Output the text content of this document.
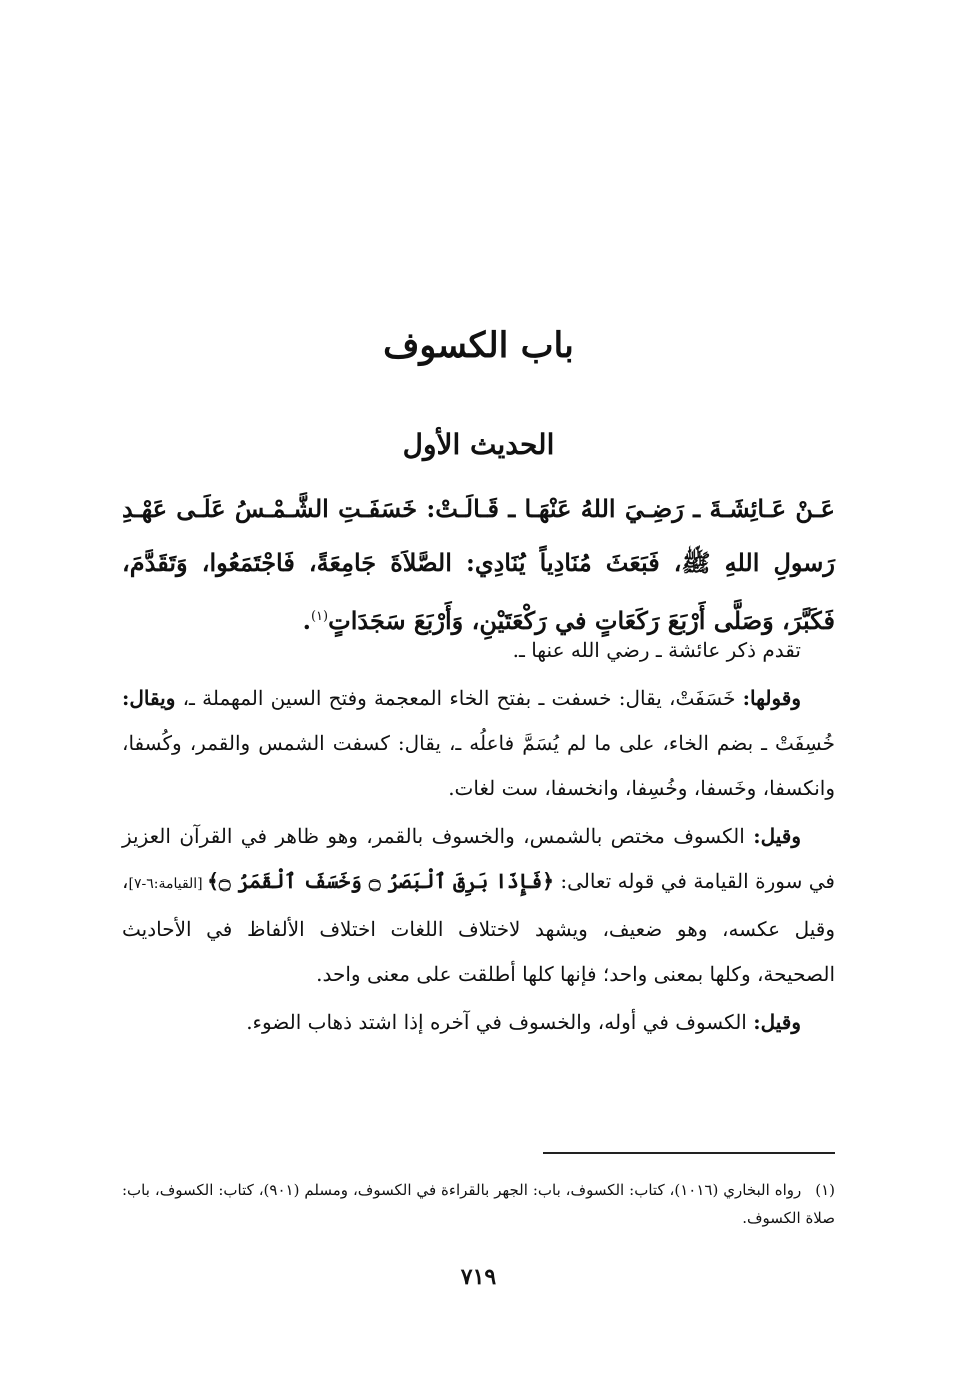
باب الكسوف
الحديث الأول
عَـنْ عَـائِشَـةَ ـ رَضِـيَ اللهُ عَنْهَـا ـ قَـالَـتْ: خَسَفَـتِ الشَّـمْـسُ عَلَـى عَهْـدِ رَسولِ اللهِ ﷺ، فَبَعَثَ مُنَادِياً يُنَادِي: الصَّلاَةَ جَامِعَةً، فَاجْتَمَعُوا، وَتَقَدَّمَ، فَكَبَّرَ، وَصَلَّى أَرْبَعَ رَكَعَاتٍ في رَكْعَتَيْنِ، وَأَرْبَعَ سَجَدَاتٍ$^{(١)}$.

تقدم ذكر عائشة ـ رضي الله عنها ـ.

وقولها: خَسَفَتْ، يقال: خسفت ـ بفتح الخاء المعجمة وفتح السين المهملة ـ، ويقال: خُسِفَتْ ـ بضم الخاء، على ما لم يُسَمَّ فاعلُه ـ، يقال: كسفت الشمس والقمر، وكُسفا، وانكسفا، وخَسفا، وخُسِفا، وانخسفا، ست لغات.

وقيل: الكسوف مختص بالشمس، والخسوف بالقمر، وهو ظاهر في القرآن العزيز في سورة القيامة في قوله تعالى: ﴿فَإِذَا بَرِقَ ٱلْبَصَرُ ۝ وَخَسَفَ ٱلْقَمَرُ ۝﴾ [القيامة:٦-٧]، وقيل عكسه، وهو ضعيف، ويشهد لاختلاف اللغات اختلاف الألفاظ في الأحاديث الصحيحة، وكلها بمعنى واحد؛ فإنها كلها أطلقت على معنى واحد.

وقيل: الكسوف في أوله، والخسوف في آخره إذا اشتد ذهاب الضوء.

(١)رواه البخاري (١٠١٦)، كتاب: الكسوف، باب: الجهر بالقراءة في الكسوف، ومسلم (٩٠١)، كتاب: الكسوف، باب: صلاة الكسوف.

٧١٩
